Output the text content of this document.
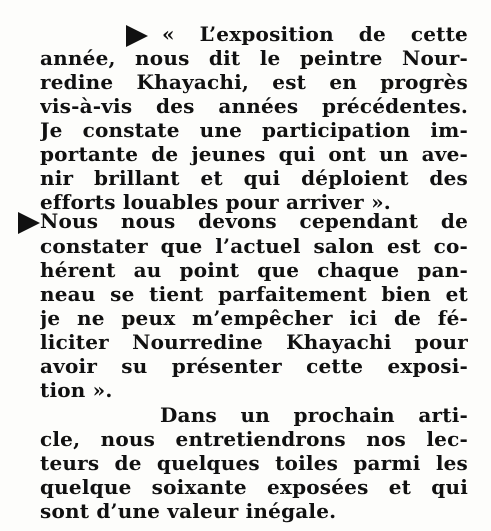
« L’exposition de cette
année, nous dit le peintre Nour-
redine Khayachi, est en progrès
vis-à-vis des années précédentes.
Je constate une participation im-
portante de jeunes qui ont un ave-
nir brillant et qui déploient des
efforts louables pour arriver ».
Nous nous devons cependant de
constater que l’actuel salon est co-
hérent au point que chaque pan-
neau se tient parfaitement bien et
je ne peux m’empêcher ici de fé-
liciter Nourredine Khayachi pour
avoir su présenter cette exposi-
tion ».
Dans un prochain arti-
cle, nous entretiendrons nos lec-
teurs de quelques toiles parmi les
quelque soixante exposées et qui
sont d’une valeur inégale.
